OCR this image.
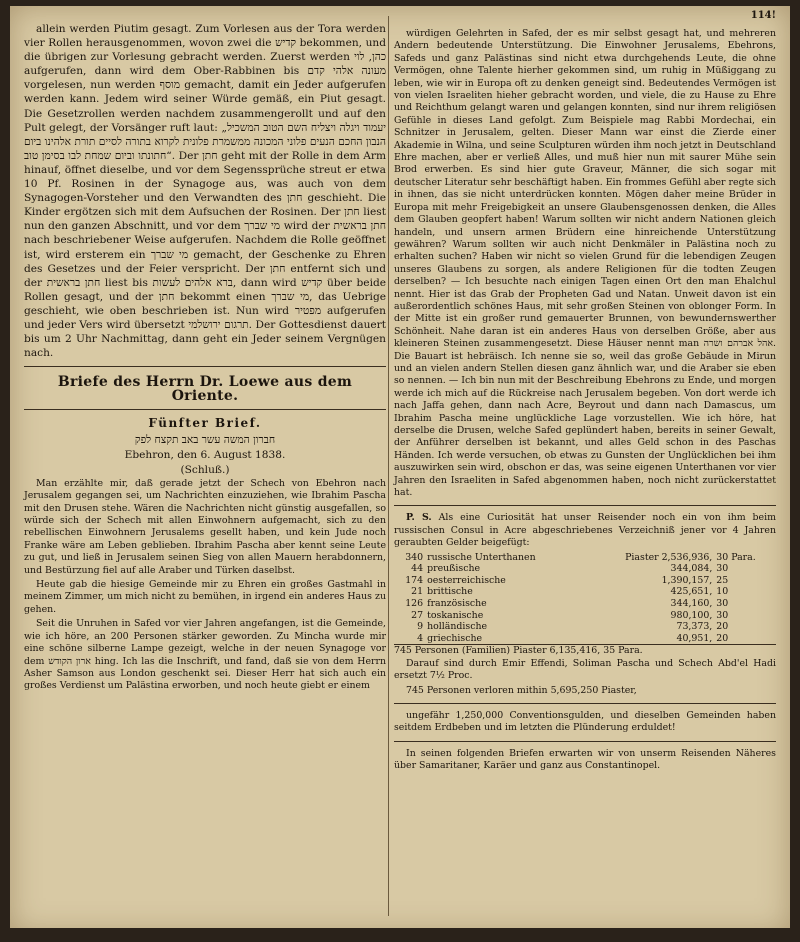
114!

allein werden Piutim gesagt. Zum Vorlesen aus der Tora werden vier Rollen herausgenommen, wovon zwei die קדיש bekommen, und die übrigen zur Vorlesung gebracht werden. Zuerst werden כהן, לוי aufgerufen, dann wird dem Ober-Rabbinen bis מעונה אלהי קדם vorgelesen, nun werden מוסף gemacht, damit ein Jeder aufgerufen werden kann. Jedem wird seiner Würde gemäß, ein Piut gesagt. Die Gesetzrollen werden nachdem zusammengerollt und auf den Pult gelegt, der Vorsänger ruft laut: „יעמוד ויגלה ויצליח השם הטוב המשכיל הנבון החכם הנעים פלוני המכונה ממשמרת פלונית לקרוא בתורה לסיים תורת אלהינו ביום חתונתו וביום שמחת לבו בסימן טוב“. Der חתן geht mit der Rolle in dem Arm hinauf, öffnet dieselbe, und vor dem Segenssprüche streut er etwa 10 Pf. Rosinen in der Synagoge aus, was auch von dem Synagogen-Vorsteher und den Verwandten des חתן geschieht. Die Kinder ergötzen sich mit dem Aufsuchen der Rosinen. Der חתן liest nun den ganzen Abschnitt, und vor dem מי שברך wird der חתן בראשית nach beschriebener Weise aufgerufen. Nachdem die Rolle geöffnet ist, wird ersterem ein מי שברך gemacht, der Geschenke zu Ehren des Gesetzes und der Feier verspricht. Der חתן entfernt sich und der חתן בראשית liest bis ברא אלהים לעשות, dann wird קדיש über beide Rollen gesagt, und der חתן bekommt einen מי שברך, das Uebrige geschieht, wie oben beschrieben ist. Nun wird מפטיר aufgerufen und jeder Vers wird übersetzt תרגום ירושלמי. Der Gottesdienst dauert bis um 2 Uhr Nachmittag, dann geht ein Jeder seinem Vergnügen nach.

Briefe des Herrn Dr. Loewe aus dem Oriente.
Fünfter Brief.
חברון המשה עשר באב תקצח לפק
Ebehron, den 6. August 1838.
(Schluß.)

Man erzählte mir, daß gerade jetzt der Schech von Ebehron nach Jerusalem gegangen sei, um Nachrichten einzuziehen, wie Ibrahim Pascha mit den Drusen stehe. Wären die Nachrichten nicht günstig ausgefallen, so würde sich der Schech mit allen Einwohnern aufgemacht, sich zu den rebellischen Einwohnern Jerusalems gesellt haben, und kein Jude noch Franke wäre am Leben geblieben. Ibrahim Pascha aber kennt seine Leute zu gut, und ließ in Jerusalem seinen Sieg von allen Mauern herabdonnern, und Bestürzung fiel auf alle Araber und Türken daselbst.

Heute gab die hiesige Gemeinde mir zu Ehren ein großes Gastmahl in meinem Zimmer, um mich nicht zu bemühen, in irgend ein anderes Haus zu gehen.

Seit die Unruhen in Safed vor vier Jahren angefangen, ist die Gemeinde, wie ich höre, an 200 Personen stärker geworden. Zu Mincha wurde mir eine schöne silberne Lampe gezeigt, welche in der neuen Synagoge vor dem ארון הקודש hing. Ich las die Inschrift, und fand, daß sie von dem Herrn Asher Samson aus London geschenkt sei. Dieser Herr hat sich auch ein großes Verdienst um Palästina erworben, und noch heute giebt er einem

würdigen Gelehrten in Safed, der es mir selbst gesagt hat, und mehreren Andern bedeutende Unterstützung. Die Einwohner Jerusalems, Ebehrons, Safeds und ganz Palästinas sind nicht etwa durchgehends Leute, die ohne Vermögen, ohne Talente hierher gekommen sind, um ruhig in Müßiggang zu leben, wie wir in Europa oft zu denken geneigt sind. Bedeutendes Vermögen ist von vielen Israeliten hieher gebracht worden, und viele, die zu Hause zu Ehre und Reichthum gelangt waren und gelangen konnten, sind nur ihrem religiösen Gefühle in dieses Land gefolgt. Zum Beispiele mag Rabbi Mordechai, ein Schnitzer in Jerusalem, gelten. Dieser Mann war einst die Zierde einer Akademie in Wilna, und seine Sculpturen würden ihm noch jetzt in Deutschland Ehre machen, aber er verließ Alles, und muß hier nun mit saurer Mühe sein Brod erwerben. Es sind hier gute Graveur, Männer, die sich sogar mit deutscher Literatur sehr beschäftigt haben. Ein frommes Gefühl aber regte sich in ihnen, das sie nicht unterdrücken konnten. Mögen daher meine Brüder in Europa mit mehr Freigebigkeit an unsere Glaubensgenossen denken, die Alles dem Glauben geopfert haben! Warum sollten wir nicht andern Nationen gleich handeln, und unsern armen Brüdern eine hinreichende Unterstützung gewähren? Warum sollten wir auch nicht Denkmäler in Palästina noch zu erhalten suchen? Haben wir nicht so vielen Grund für die lebendigen Zeugen unseres Glaubens zu sorgen, als andere Religionen für die todten Zeugen derselben? — Ich besuchte nach einigen Tagen einen Ort den man Ehalchul nennt. Hier ist das Grab der Propheten Gad und Natan. Unweit davon ist ein außerordentlich schönes Haus, mit sehr großen Steinen von oblonger Form. In der Mitte ist ein großer rund gemauerter Brunnen, von bewundernswerther Schönheit. Nahe daran ist ein anderes Haus von derselben Größe, aber aus kleineren Steinen zusammengesetzt. Diese Häuser nennt man אהל אברהם ושרה. Die Bauart ist hebräisch. Ich nenne sie so, weil das große Gebäude in Mirun und an vielen andern Stellen diesen ganz ähnlich war, und die Araber sie eben so nennen. — Ich bin nun mit der Beschreibung Ebehrons zu Ende, und morgen werde ich mich auf die Rückreise nach Jerusalem begeben. Von dort werde ich nach Jaffa gehen, dann nach Acre, Beyrout und dann nach Damascus, um Ibrahim Pascha meine unglückliche Lage vorzustellen. Wie ich höre, hat derselbe die Drusen, welche Safed geplündert haben, bereits in seiner Gewalt, der Anführer derselben ist bekannt, und alles Geld schon in des Paschas Händen. Ich werde versuchen, ob etwas zu Gunsten der Unglücklichen bei ihm auszuwirken sein wird, obschon er das, was seine eigenen Unterthanen vor vier Jahren den Israeliten in Safed abgenommen haben, noch nicht zurückerstattet hat.

P. S. Als eine Curiosität hat unser Reisender noch ein von ihm beim russischen Consul in Acre abgeschriebenes Verzeichniß jener vor 4 Jahren geraubten Gelder beigefügt:

340	russische Unterthanen	Piaster 2,536,936,	30 Para.
44	preußische	344,084,	30
174	oesterreichische	1,390,157,	25
21	brittische	425,651,	10
126	französische	344,160,	30
27	toskanische	980,100,	30
9	holländische	73,373,	20
4	griechische	40,951,	20
745 Personen (Familien) Piaster 6,135,416, 35 Para.

Darauf sind durch Emir Effendi, Soliman Pascha und Schech Abd'el Hadi ersetzt 7½ Proc.

745 Personen verloren mithin 5,695,250 Piaster,

ungefähr 1,250,000 Conventionsgulden, und dieselben Gemeinden haben seitdem Erdbeben und im letzten die Plünderung erduldet!

In seinen folgenden Briefen erwarten wir von unserm Reisenden Näheres über Samaritaner, Karäer und ganz aus Constantinopel.
